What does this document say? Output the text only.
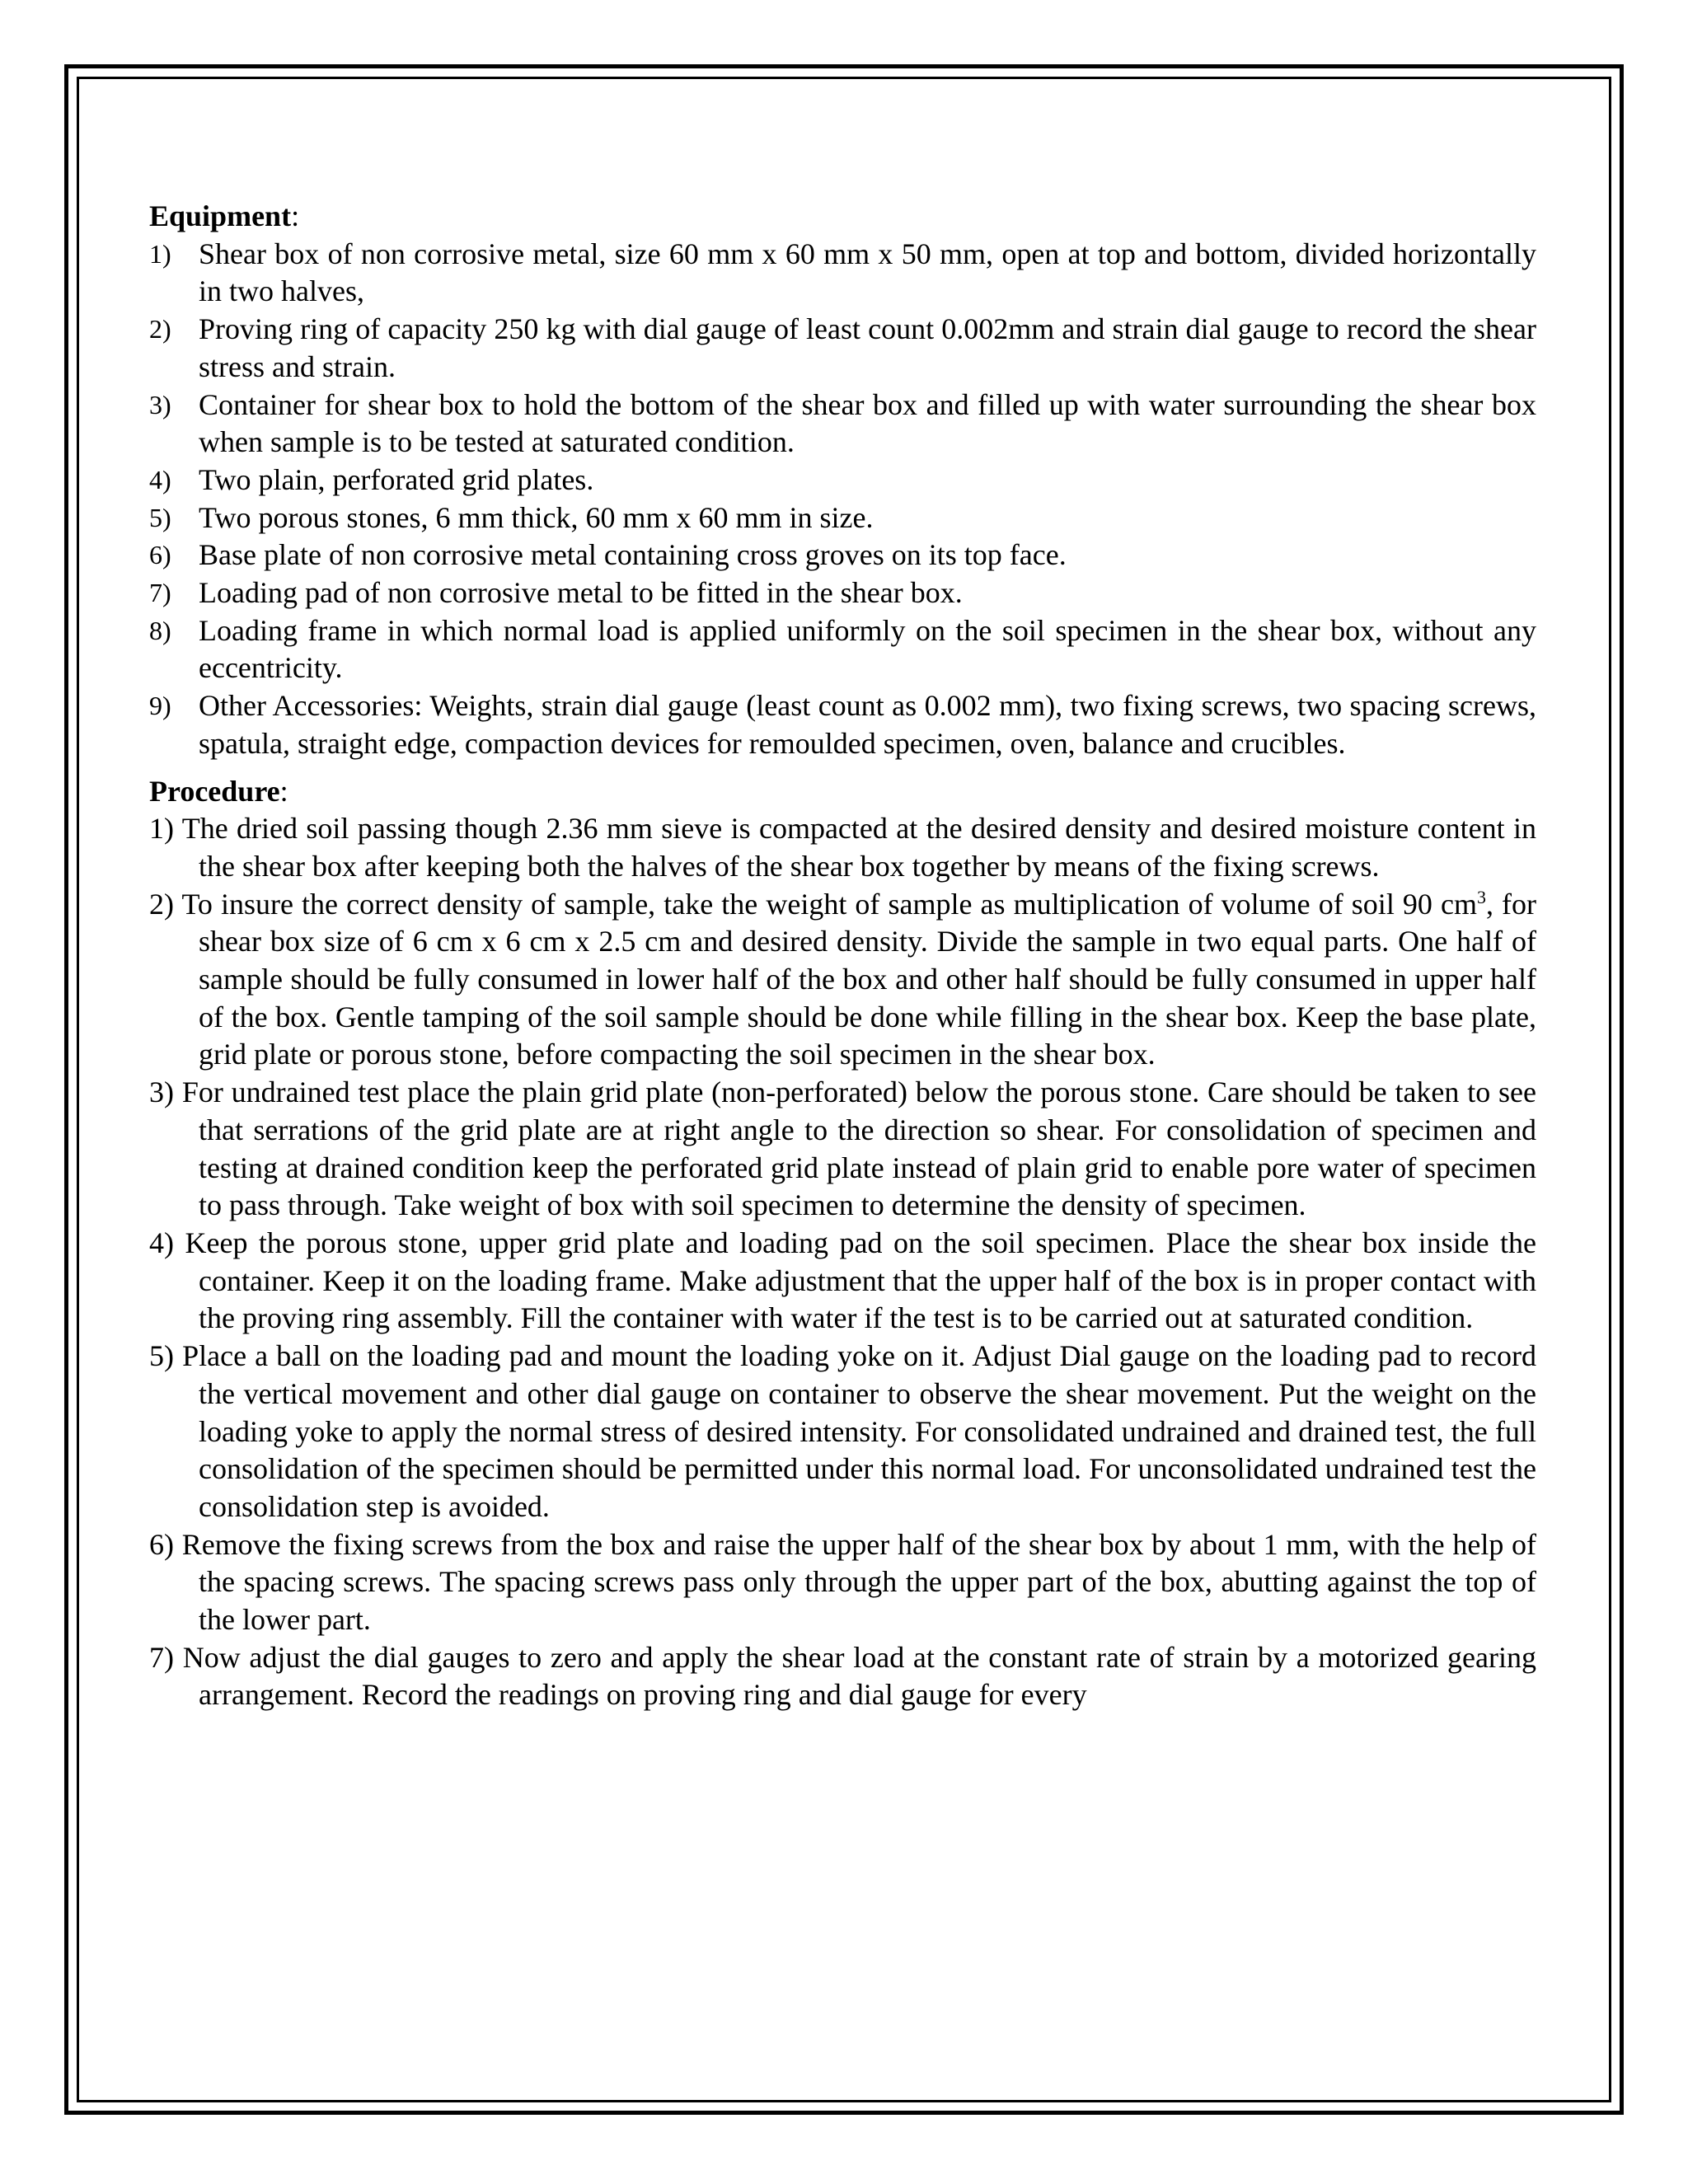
Equipment:

1) Shear box of non corrosive metal, size 60 mm x 60 mm x 50 mm, open at top and bottom, divided horizontally in two halves,
2) Proving ring of capacity 250 kg with dial gauge of least count 0.002mm and strain dial gauge to record the shear stress and strain.
3) Container for shear box to hold the bottom of the shear box and filled up with water surrounding the shear box when sample is to be tested at saturated condition.
4) Two plain, perforated grid plates.
5) Two porous stones, 6 mm thick, 60 mm x 60 mm in size.
6) Base plate of non corrosive metal containing cross groves on its top face.
7) Loading pad of non corrosive metal to be fitted in the shear box.
8) Loading frame in which normal load is applied uniformly on the soil specimen in the shear box, without any eccentricity.
9) Other Accessories: Weights, strain dial gauge (least count as 0.002 mm), two fixing screws, two spacing screws, spatula, straight edge, compaction devices for remoulded specimen, oven, balance and crucibles.

Procedure:

1) The dried soil passing though 2.36 mm sieve is compacted at the desired density and desired moisture content in the shear box after keeping both the halves of the shear box together by means of the fixing screws.
2) To insure the correct density of sample, take the weight of sample as multiplication of volume of soil 90 $cm^3$, for shear box size of 6 cm x 6 cm x 2.5 cm and desired density. Divide the sample in two equal parts. One half of sample should be fully consumed in lower half of the box and other half should be fully consumed in upper half of the box. Gentle tamping of the soil sample should be done while filling in the shear box. Keep the base plate, grid plate or porous stone, before compacting the soil specimen in the shear box.
3) For undrained test place the plain grid plate (non-perforated) below the porous stone. Care should be taken to see that serrations of the grid plate are at right angle to the direction so shear. For consolidation of specimen and testing at drained condition keep the perforated grid plate instead of plain grid to enable pore water of specimen to pass through. Take weight of box with soil specimen to determine the density of specimen.
4) Keep the porous stone, upper grid plate and loading pad on the soil specimen. Place the shear box inside the container. Keep it on the loading frame. Make adjustment that the upper half of the box is in proper contact with the proving ring assembly. Fill the container with water if the test is to be carried out at saturated condition.
5) Place a ball on the loading pad and mount the loading yoke on it. Adjust Dial gauge on the loading pad to record the vertical movement and other dial gauge on container to observe the shear movement. Put the weight on the loading yoke to apply the normal stress of desired intensity. For consolidated undrained and drained test, the full consolidation of the specimen should be permitted under this normal load. For unconsolidated undrained test the consolidation step is avoided.
6) Remove the fixing screws from the box and raise the upper half of the shear box by about 1 mm, with the help of the spacing screws. The spacing screws pass only through the upper part of the box, abutting against the top of the lower part.
7) Now adjust the dial gauges to zero and apply the shear load at the constant rate of strain by a motorized gearing arrangement. Record the readings on proving ring and dial gauge for every
